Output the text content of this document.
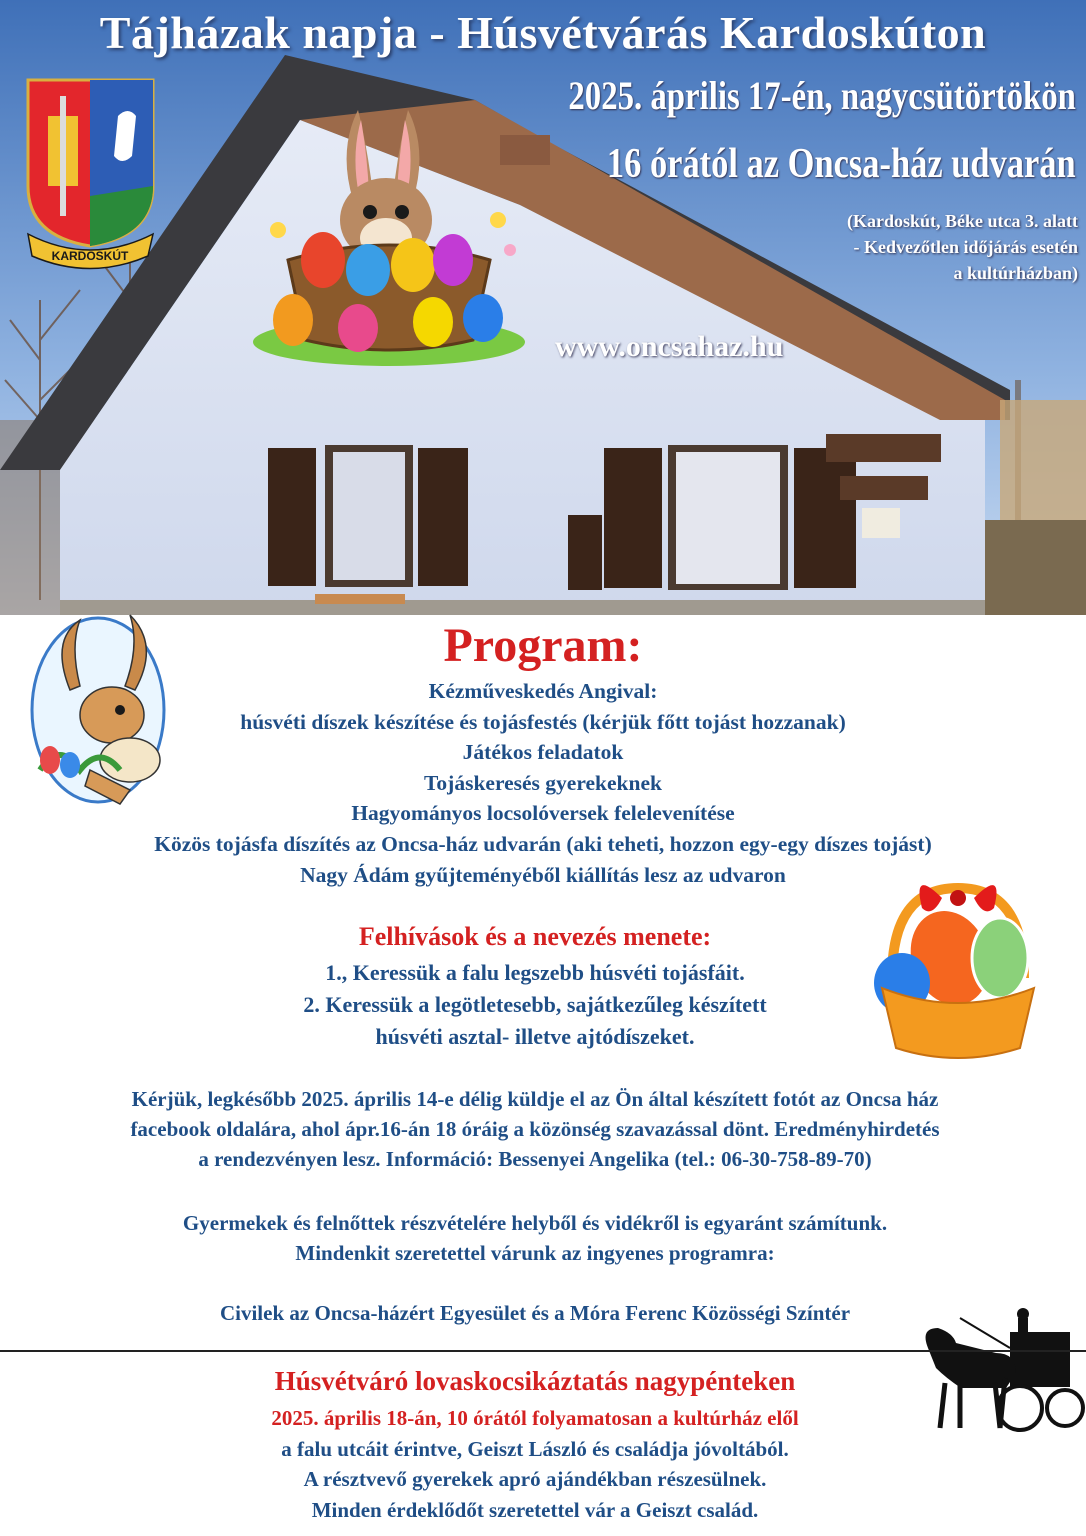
KARDOSKÚT
Tájházak napja - Húsvétvárás Kardoskúton
2025. április 17-én, nagycsütörtökön
16 órától az Oncsa-ház udvarán
(Kardoskút, Béke utca 3. alatt
- Kedvezőtlen időjárás esetén
a kultúrházban)
www.oncsahaz.hu
Program:
Kézműveskedés Angival:
húsvéti díszek készítése és tojásfestés (kérjük főtt tojást hozzanak)
Játékos feladatok
Tojáskeresés gyerekeknek
Hagyományos locsolóversek felelevenítése
Közös tojásfa díszítés az Oncsa-ház udvarán (aki teheti, hozzon egy-egy díszes tojást)
Nagy Ádám gyűjteményéből kiállítás lesz az udvaron
Felhívások és a nevezés menete:
1., Keressük a falu legszebb húsvéti tojásfáit.
2. Keressük a legötletesebb, sajátkezűleg készített
húsvéti asztal- illetve ajtódíszeket.
Kérjük, legkésőbb 2025. április 14-e délig küldje el az Ön által készített fotót az Oncsa ház
facebook oldalára, ahol ápr.16-án 18 óráig a közönség szavazással dönt. Eredményhirdetés
a rendezvényen lesz. Információ: Bessenyei Angelika (tel.: 06-30-758-89-70)
Gyermekek és felnőttek részvételére helyből és vidékről is egyaránt számítunk.
Mindenkit szeretettel várunk az ingyenes programra:
Civilek az Oncsa-házért Egyesület és a Móra Ferenc Közösségi Színtér
Húsvétváró lovaskocsikáztatás nagypénteken
2025. április 18-án, 10 órától folyamatosan a kultúrház elől
a falu utcáit érintve, Geiszt László és családja jóvoltából.
A résztvevő gyerekek apró ajándékban részesülnek.
Minden érdeklődőt szeretettel vár a Geiszt család.
